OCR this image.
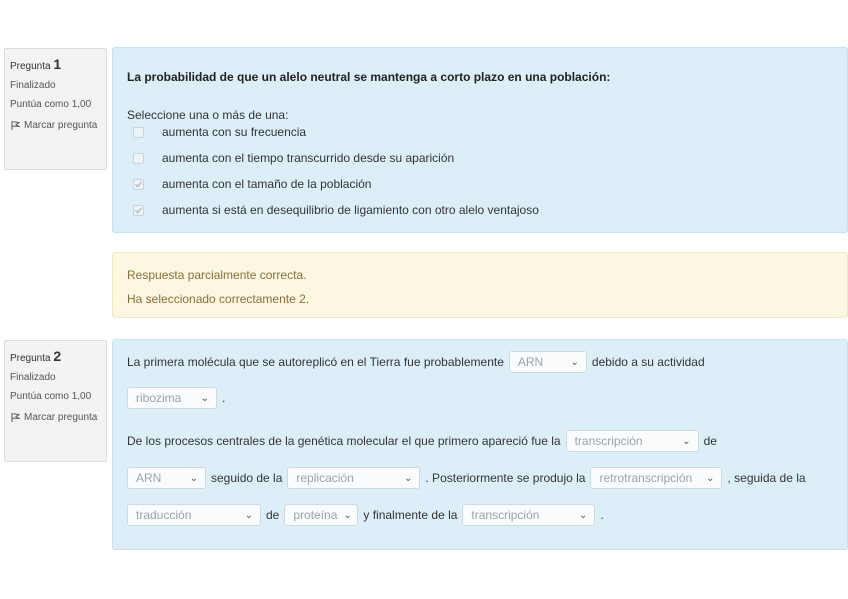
Pregunta 1
Finalizado
Puntúa como 1,00
Marcar pregunta
La probabilidad de que un alelo neutral se mantenga a corto plazo en una población:
Seleccione una o más de una:
aumenta con su frecuencia
aumenta con el tiempo transcurrido desde su aparición
aumenta con el tamaño de la población
aumenta si está en desequilibrio de ligamiento con otro alelo ventajoso
Respuesta parcialmente correcta.
Ha seleccionado correctamente 2.
Pregunta 2
Finalizado
Puntúa como 1,00
Marcar pregunta
La primera molécula que se autoreplicó en el Tierra fue probablemente ARN	⌄ debido a su actividad
ribozima ⌄ .
De los procesos centrales de la genética molecular el que primero apareció fue la transcripción	⌄ de
ARN	⌄ seguido de la replicación	⌄ . Posteriormente se produjo la retrotranscripción ⌄ , seguida de la
traducción	⌄ de proteína ⌄ y finalmente de la transcripción	⌄ .
